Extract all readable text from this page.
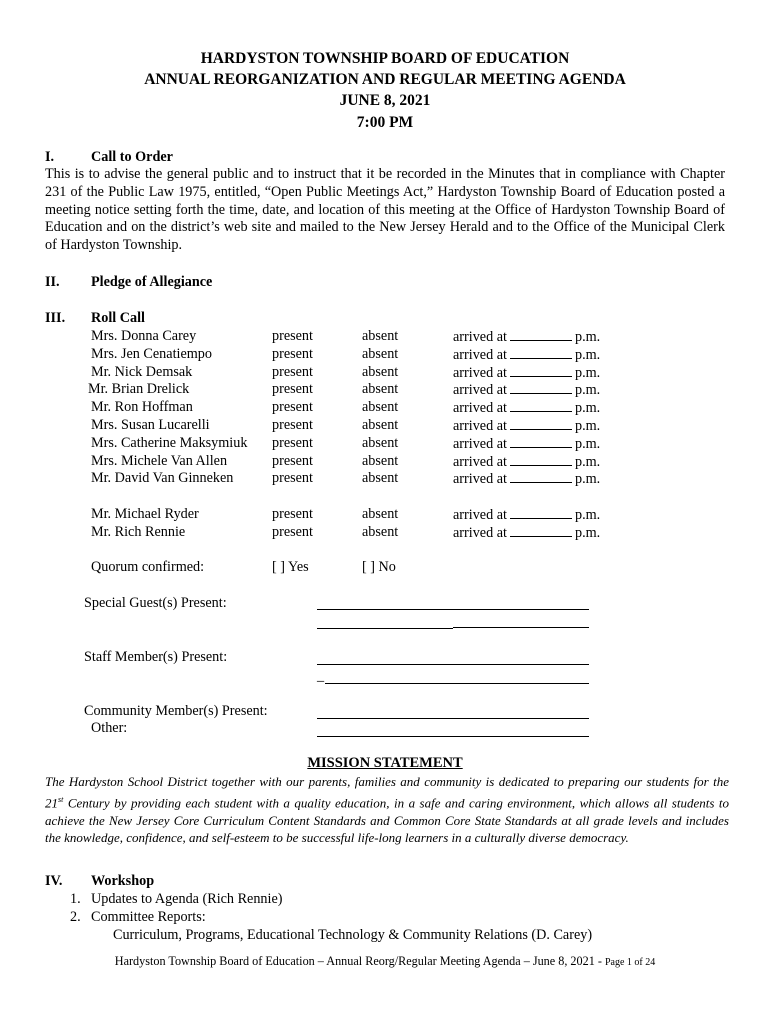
HARDYSTON TOWNSHIP BOARD OF EDUCATION
ANNUAL REORGANIZATION AND REGULAR MEETING AGENDA
JUNE 8, 2021
7:00 PM
I.	Call to Order
This is to advise the general public and to instruct that it be recorded in the Minutes that in compliance with Chapter 231 of the Public Law 1975, entitled, “Open Public Meetings Act,” Hardyston Township Board of Education posted a meeting notice setting forth the time, date, and location of this meeting at the Office of Hardyston Township Board of Education and on the district’s web site and mailed to the New Jersey Herald and to the Office of the Municipal Clerk of Hardyston Township.
II. Pledge of Allegiance
III. Roll Call
Mrs. Donna Carey	present	absent	arrived at	p.m.
Mrs. Jen Cenatiempo	present	absent	arrived at	p.m.
Mr. Nick Demsak	present	absent	arrived at	p.m.
Mr. Brian Drelick	present	absent	arrived at	p.m.
Mr. Ron Hoffman	present	absent	arrived at	p.m.
Mrs. Susan Lucarelli	present	absent	arrived at	p.m.
Mrs. Catherine Maksymiuk present	absent	arrived at	p.m.
Mrs. Michele Van Allen	present	absent	arrived at	p.m.
Mr. David Van Ginneken	present	absent	arrived at	p.m.
Mr. Michael Ryder	present	absent	arrived at	p.m.
Mr. Rich Rennie	present	absent	arrived at	p.m.
Quorum confirmed:	[ ] Yes	[ ] No
Special Guest(s) Present:
Staff Member(s) Present:
_
Community Member(s) Present:
Other:
MISSION STATEMENT
The Hardyston School District together with our parents, families and community is dedicated to preparing our students for the 21st Century by providing each student with a quality education, in a safe and caring environment, which allows all students to achieve the New Jersey Core Curriculum Content Standards and Common Core State Standards at all grade levels and includes the knowledge, confidence, and self-esteem to be successful life-long learners in a culturally diverse democracy.
IV. Workshop
1. Updates to Agenda (Rich Rennie)
2. Committee Reports:
Curriculum, Programs, Educational Technology & Community Relations (D. Carey)
Hardyston Township Board of Education – Annual Reorg/Regular Meeting Agenda – June 8, 2021 - Page 1 of 24
